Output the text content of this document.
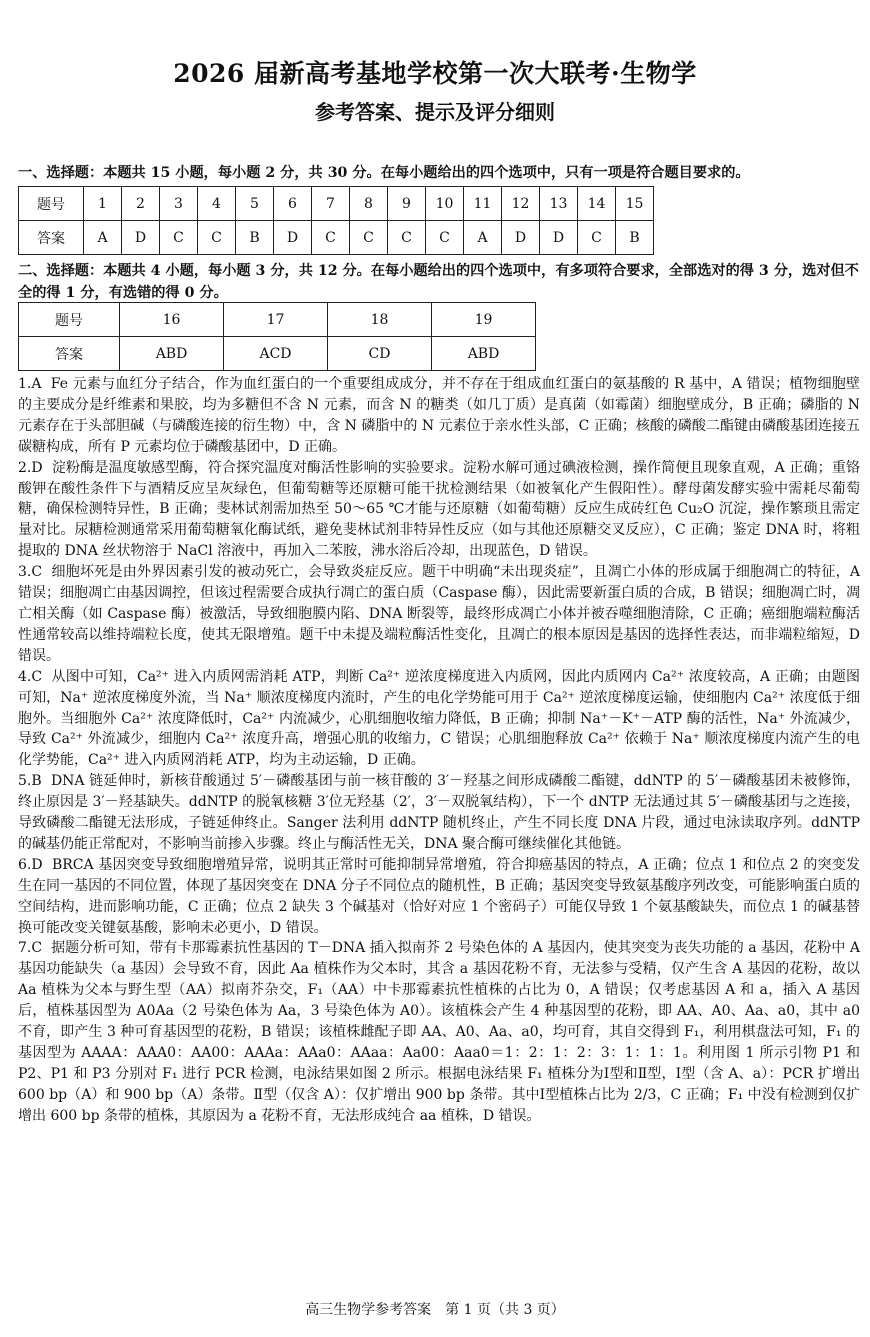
2026 届新高考基地学校第一次大联考·生物学
参考答案、提示及评分细则
一、选择题：本题共 15 小题，每小题 2 分，共 30 分。在每小题给出的四个选项中，只有一项是符合题目要求的。
题号	1	2	3	4	5	6	7	8	9	10	11	12	13	14	15
答案	A	D	C	C	B	D	C	C	C	C	A	D	D	C	B
二、选择题：本题共 4 小题，每小题 3 分，共 12 分。在每小题给出的四个选项中，有多项符合要求，全部选对的得 3 分，选对但不全的得 1 分，有选错的得 0 分。
题号	16	17	18	19
答案	ABD	ACD	CD	ABD

1.A Fe 元素与血红分子结合，作为血红蛋白的一个重要组成成分，并不存在于组成血红蛋白的氨基酸的 R 基中，A 错误；植物细胞壁的主要成分是纤维素和果胶，均为多糖但不含 N 元素，而含 N 的糖类（如几丁质）是真菌（如霉菌）细胞壁成分，B 正确；磷脂的 N 元素存在于头部胆碱（与磷酸连接的衍生物）中，含 N 磷脂中的 N 元素位于亲水性头部，C 正确；核酸的磷酸二酯键由磷酸基团连接五碳糖构成，所有 P 元素均位于磷酸基团中，D 正确。

2.D 淀粉酶是温度敏感型酶，符合探究温度对酶活性影响的实验要求。淀粉水解可通过碘液检测，操作简便且现象直观，A 正确；重铬酸钾在酸性条件下与酒精反应呈灰绿色，但葡萄糖等还原糖可能干扰检测结果（如被氧化产生假阳性）。酵母菌发酵实验中需耗尽葡萄糖，确保检测特异性，B 正确；斐林试剂需加热至 50～65 ℃才能与还原糖（如葡萄糖）反应生成砖红色 Cu₂O 沉淀，操作繁琐且需定量对比。尿糖检测通常采用葡萄糖氧化酶试纸，避免斐林试剂非特异性反应（如与其他还原糖交叉反应），C 正确；鉴定 DNA 时，将粗提取的 DNA 丝状物溶于 NaCl 溶液中，再加入二苯胺，沸水浴后冷却，出现蓝色，D 错误。

3.C 细胞坏死是由外界因素引发的被动死亡，会导致炎症反应。题干中明确“未出现炎症”，且凋亡小体的形成属于细胞凋亡的特征，A 错误；细胞凋亡由基因调控，但该过程需要合成执行凋亡的蛋白质（Caspase 酶），因此需要新蛋白质的合成，B 错误；细胞凋亡时，凋亡相关酶（如 Caspase 酶）被激活，导致细胞膜内陷、DNA 断裂等，最终形成凋亡小体并被吞噬细胞清除，C 正确；癌细胞端粒酶活性通常较高以维持端粒长度，使其无限增殖。题干中未提及端粒酶活性变化，且凋亡的根本原因是基因的选择性表达，而非端粒缩短，D 错误。

4.C 从图中可知，Ca²⁺ 进入内质网需消耗 ATP，判断 Ca²⁺ 逆浓度梯度进入内质网，因此内质网内 Ca²⁺ 浓度较高，A 正确；由题图可知，Na⁺ 逆浓度梯度外流，当 Na⁺ 顺浓度梯度内流时，产生的电化学势能可用于 Ca²⁺ 逆浓度梯度运输，使细胞内 Ca²⁺ 浓度低于细胞外。当细胞外 Ca²⁺ 浓度降低时，Ca²⁺ 内流减少，心肌细胞收缩力降低，B 正确；抑制 Na⁺－K⁺－ATP 酶的活性，Na⁺ 外流减少，导致 Ca²⁺ 外流减少，细胞内 Ca²⁺ 浓度升高，增强心肌的收缩力，C 错误；心肌细胞释放 Ca²⁺ 依赖于 Na⁺ 顺浓度梯度内流产生的电化学势能，Ca²⁺ 进入内质网消耗 ATP，均为主动运输，D 正确。

5.B DNA 链延伸时，新核苷酸通过 5′－磷酸基团与前一核苷酸的 3′－羟基之间形成磷酸二酯键，ddNTP 的 5′－磷酸基团未被修饰，终止原因是 3′－羟基缺失。ddNTP 的脱氧核糖 3′位无羟基（2′，3′－双脱氧结构），下一个 dNTP 无法通过其 5′－磷酸基团与之连接，导致磷酸二酯键无法形成，子链延伸终止。Sanger 法利用 ddNTP 随机终止，产生不同长度 DNA 片段，通过电泳读取序列。ddNTP 的碱基仍能正常配对，不影响当前掺入步骤。终止与酶活性无关，DNA 聚合酶可继续催化其他链。

6.D BRCA 基因突变导致细胞增殖异常，说明其正常时可能抑制异常增殖，符合抑癌基因的特点，A 正确；位点 1 和位点 2 的突变发生在同一基因的不同位置，体现了基因突变在 DNA 分子不同位点的随机性，B 正确；基因突变导致氨基酸序列改变，可能影响蛋白质的空间结构，进而影响功能，C 正确；位点 2 缺失 3 个碱基对（恰好对应 1 个密码子）可能仅导致 1 个氨基酸缺失，而位点 1 的碱基替换可能改变关键氨基酸，影响未必更小，D 错误。

7.C 据题分析可知，带有卡那霉素抗性基因的 T－DNA 插入拟南芥 2 号染色体的 A 基因内，使其突变为丧失功能的 a 基因，花粉中 A 基因功能缺失（a 基因）会导致不育，因此 Aa 植株作为父本时，其含 a 基因花粉不育，无法参与受精，仅产生含 A 基因的花粉，故以 Aa 植株为父本与野生型（AA）拟南芥杂交，F₁（AA）中卡那霉素抗性植株的占比为 0，A 错误；仅考虑基因 A 和 a，插入 A 基因后，植株基因型为 A0Aa（2 号染色体为 Aa，3 号染色体为 A0）。该植株会产生 4 种基因型的花粉，即 AA、A0、Aa、a0，其中 a0 不育，即产生 3 种可育基因型的花粉，B 错误；该植株雌配子即 AA、A0、Aa、a0，均可育，其自交得到 F₁，利用棋盘法可知，F₁ 的基因型为 AAAA：AAA0：AA00：AAAa：AAa0：AAaa：Aa00：Aaa0＝1：2：1：2：3：1：1：1。利用图 1 所示引物 P1 和 P2、P1 和 P3 分别对 F₁ 进行 PCR 检测，电泳结果如图 2 所示。根据电泳结果 F₁ 植株分为Ⅰ型和Ⅱ型，Ⅰ型（含 A、a）：PCR 扩增出 600 bp（A）和 900 bp（A）条带。Ⅱ型（仅含 A）：仅扩增出 900 bp 条带。其中Ⅰ型植株占比为 2/3，C 正确；F₁ 中没有检测到仅扩增出 600 bp 条带的植株，其原因为 a 花粉不育，无法形成纯合 aa 植株，D 错误。

高三生物学参考答案　第 1 页（共 3 页）
